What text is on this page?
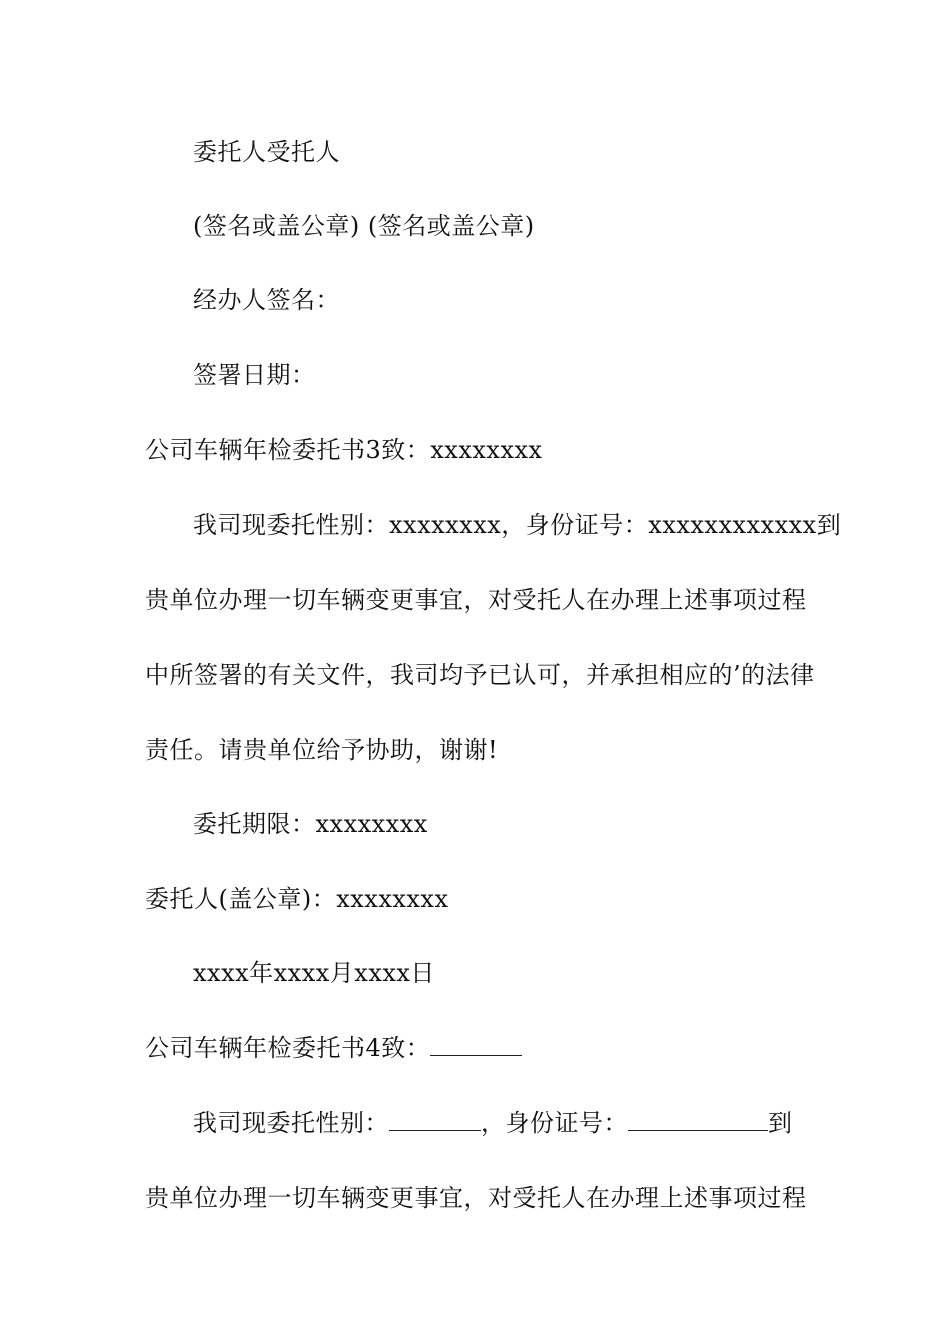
委托人受托人
(签名或盖公章) (签名或盖公章)
经办人签名：
签署日期：
公司车辆年检委托书3致：xxxxxxxx
我司现委托性别：xxxxxxxx，身份证号：xxxxxxxxxxxx到
贵单位办理一切车辆变更事宜，对受托人在办理上述事项过程
中所签署的有关文件，我司均予已认可，并承担相应的’的法律
责任。请贵单位给予协助，谢谢!
委托期限：xxxxxxxx
委托人(盖公章)：xxxxxxxx
xxxx年xxxx月xxxx日
公司车辆年检委托书4致：
我司现委托性别：	，身份证号：	到
贵单位办理一切车辆变更事宜，对受托人在办理上述事项过程
